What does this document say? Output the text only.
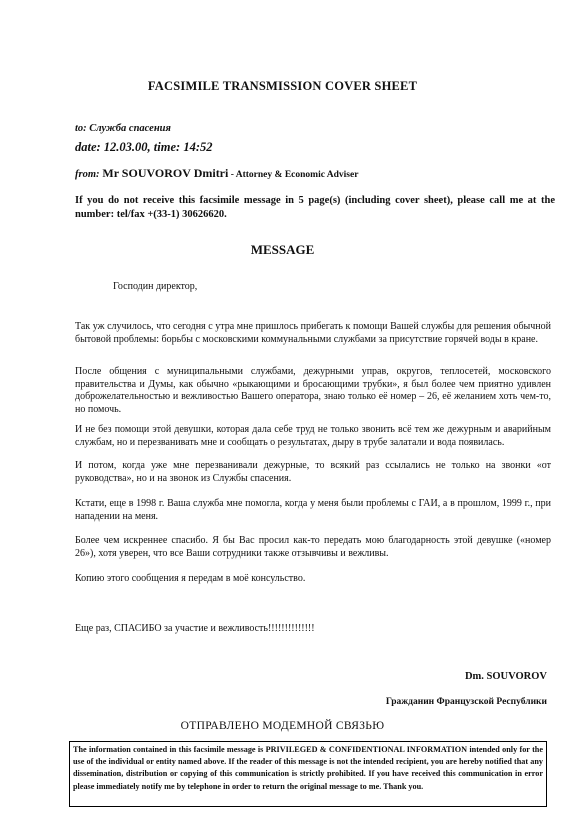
FACSIMILE TRANSMISSION COVER SHEET
to: Служба спасения
date: 12.03.00, time: 14:52
from: Mr SOUVOROV Dmitri - Attorney & Economic Adviser
If you do not receive this facsimile message in 5 page(s) (including cover sheet), please call me at the number: tel/fax +(33-1) 30626620.
MESSAGE
Господин директор,
Так уж случилось, что сегодня с утра мне пришлось прибегать к помощи Вашей службы для решения обычной бытовой проблемы: борьбы с московскими коммунальными службами за присутствие горячей воды в кране.
После общения с муниципальными службами, дежурными управ, округов, теплосетей, московского правительства и Думы, как обычно «рыкающими и бросающими трубки», я был более чем приятно удивлен доброжелательностью и вежливостью Вашего оператора, знаю только её номер – 26, её желанием хоть чем-то, но помочь.
И не без помощи этой девушки, которая дала себе труд не только звонить всё тем же дежурным и аварийным службам, но и перезванивать мне и сообщать о результатах, дыру в трубе залатали и вода появилась.
И потом, когда уже мне перезванивали дежурные, то всякий раз ссылались не только на звонки «от руководства», но и на звонок из Службы спасения.
Кстати, еще в 1998 г. Ваша служба мне помогла, когда у меня были проблемы с ГАИ, а в прошлом, 1999 г., при нападении на меня.
Более чем искреннее спасибо. Я бы Вас просил как-то передать мою благодарность этой девушке («номер 26»), хотя уверен, что все Ваши сотрудники также отзывчивы и вежливы.
Копию этого сообщения я передам в моё консульство.
Еще раз, СПАСИБО за участие и вежливость!!!!!!!!!!!!!!
Dm. SOUVOROV
Гражданин Французской Республики
ОТПРАВЛЕНО МОДЕМНОЙ СВЯЗЬЮ
The information contained in this facsimile message is PRIVILEGED & CONFIDENTIONAL INFORMATION intended only for the use of the individual or entity named above. If the reader of this message is not the intended recipient, you are hereby notified that any dissemination, distribution or copying of this communication is strictly prohibited. If you have received this communication in error please immediately notify me by telephone in order to return the original message to me. Thank you.
